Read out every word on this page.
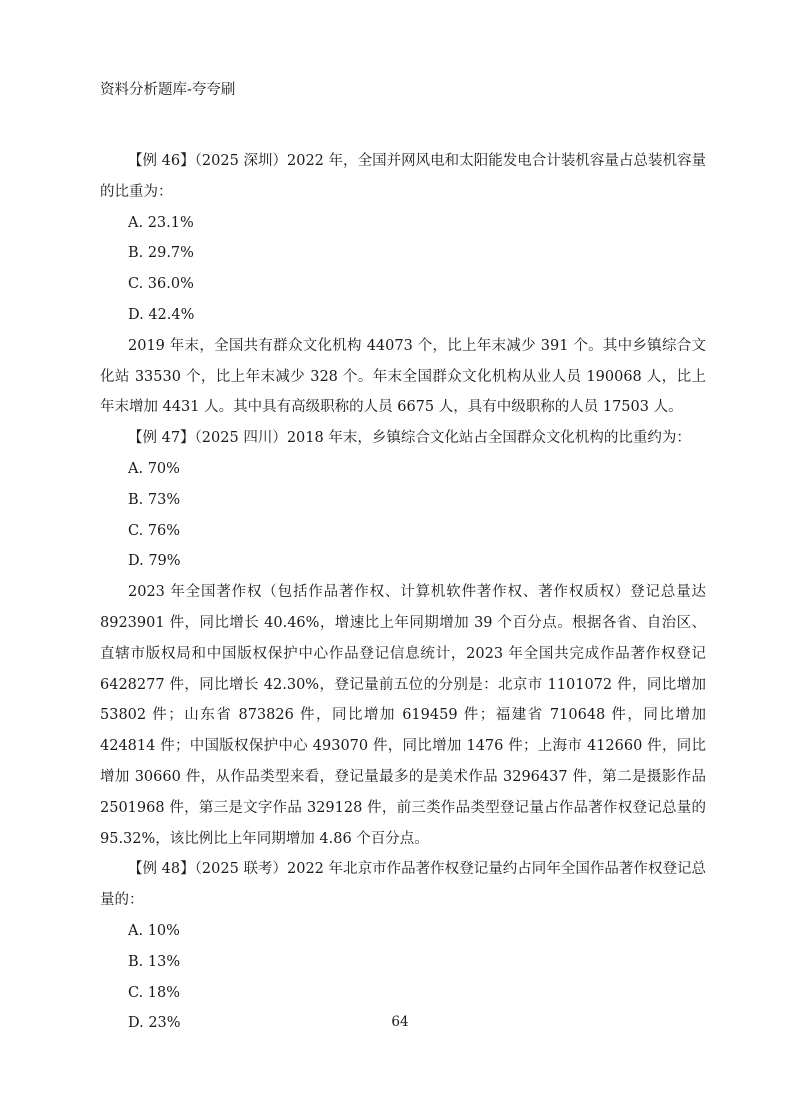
资料分析题库-夸夸刷

【例 46】（2025 深圳）2022 年，全国并网风电和太阳能发电合计装机容量占总装机容量的比重为：

A. 23.1%

B. 29.7%

C. 36.0%

D. 42.4%

2019 年末，全国共有群众文化机构 44073 个，比上年末减少 391 个。其中乡镇综合文化站 33530 个，比上年末减少 328 个。年末全国群众文化机构从业人员 190068 人，比上年末增加 4431 人。其中具有高级职称的人员 6675 人，具有中级职称的人员 17503 人。

【例 47】（2025 四川）2018 年末，乡镇综合文化站占全国群众文化机构的比重约为：

A. 70%

B. 73%

C. 76%

D. 79%

2023 年全国著作权（包括作品著作权、计算机软件著作权、著作权质权）登记总量达 8923901 件，同比增长 40.46%，增速比上年同期增加 39 个百分点。根据各省、自治区、直辖市版权局和中国版权保护中心作品登记信息统计，2023 年全国共完成作品著作权登记 6428277 件，同比增长 42.30%，登记量前五位的分别是：北京市 1101072 件，同比增加 53802 件；山东省 873826 件，同比增加 619459 件；福建省 710648 件，同比增加 424814 件；中国版权保护中心 493070 件，同比增加 1476 件；上海市 412660 件，同比增加 30660 件，从作品类型来看，登记量最多的是美术作品 3296437 件，第二是摄影作品 2501968 件，第三是文字作品 329128 件，前三类作品类型登记量占作品著作权登记总量的 95.32%，该比例比上年同期增加 4.86 个百分点。

【例 48】（2025 联考）2022 年北京市作品著作权登记量约占同年全国作品著作权登记总量的：

A. 10%

B. 13%

C. 18%

D. 23%	64
